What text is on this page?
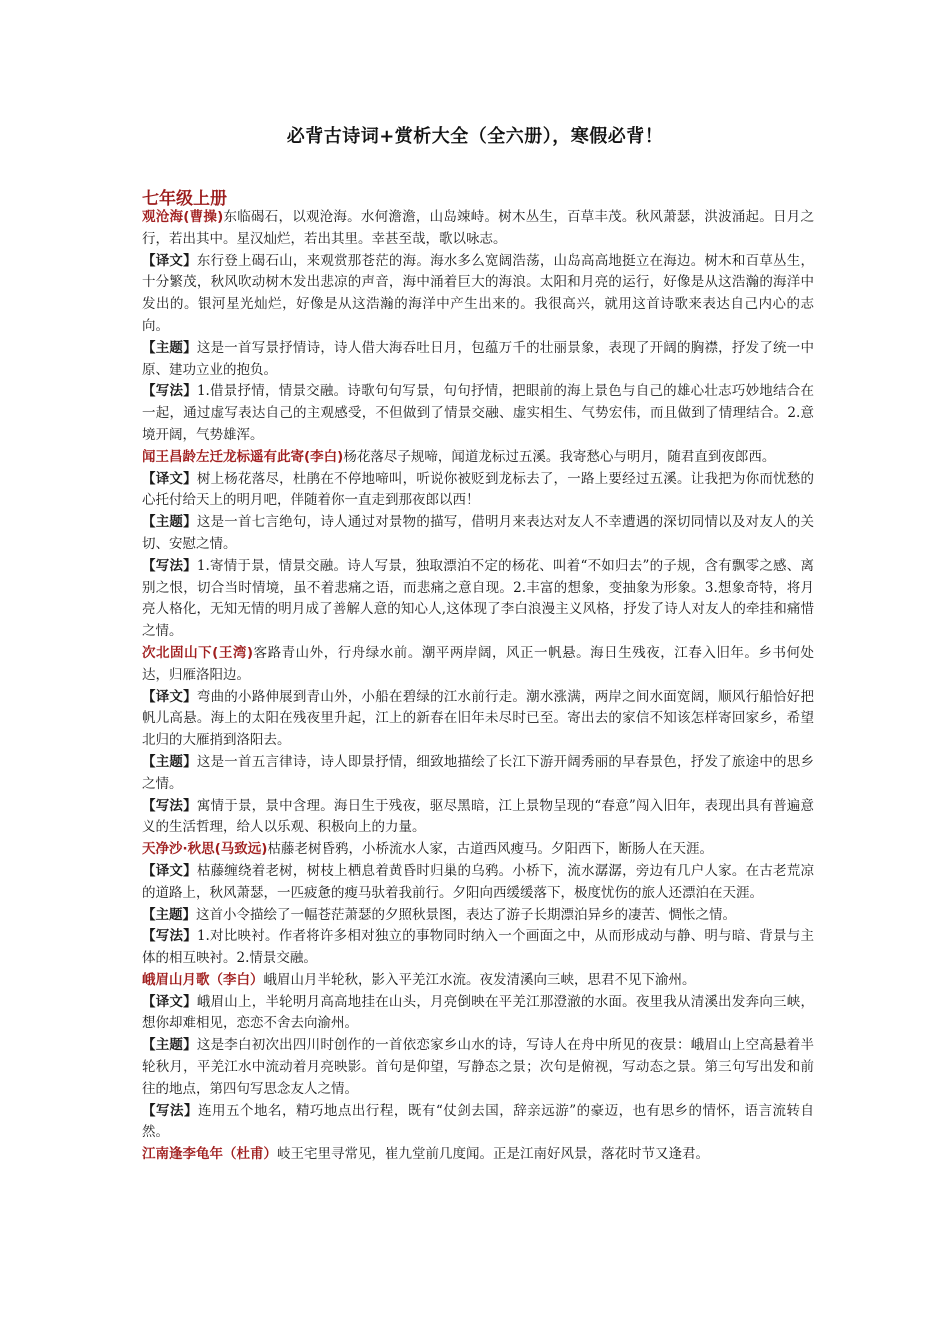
必背古诗词+赏析大全（全六册），寒假必背！
七年级上册

观沧海(曹操)东临碣石，以观沧海。水何澹澹，山岛竦峙。树木丛生，百草丰茂。秋风萧瑟，洪波涌起。日月之行，若出其中。星汉灿烂，若出其里。幸甚至哉，歌以咏志。

【译文】东行登上碣石山，来观赏那苍茫的海。海水多么宽阔浩荡，山岛高高地挺立在海边。树木和百草丛生，十分繁茂，秋风吹动树木发出悲凉的声音，海中涌着巨大的海浪。太阳和月亮的运行，好像是从这浩瀚的海洋中发出的。银河星光灿烂，好像是从这浩瀚的海洋中产生出来的。我很高兴，就用这首诗歌来表达自己内心的志向。

【主题】这是一首写景抒情诗，诗人借大海吞吐日月，包蕴万千的壮丽景象，表现了开阔的胸襟，抒发了统一中原、建功立业的抱负。

【写法】1.借景抒情，情景交融。诗歌句句写景，句句抒情，把眼前的海上景色与自己的雄心壮志巧妙地结合在一起，通过虚写表达自己的主观感受，不但做到了情景交融、虚实相生、气势宏伟，而且做到了情理结合。2.意境开阔，气势雄浑。

闻王昌龄左迁龙标遥有此寄(李白)杨花落尽子规啼，闻道龙标过五溪。我寄愁心与明月，随君直到夜郎西。

【译文】树上杨花落尽，杜鹃在不停地啼叫，听说你被贬到龙标去了，一路上要经过五溪。让我把为你而忧愁的心托付给天上的明月吧，伴随着你一直走到那夜郎以西！

【主题】这是一首七言绝句，诗人通过对景物的描写，借明月来表达对友人不幸遭遇的深切同情以及对友人的关切、安慰之情。

【写法】1.寄情于景，情景交融。诗人写景，独取漂泊不定的杨花、叫着“不如归去”的子规，含有飘零之感、离别之恨，切合当时情境，虽不着悲痛之语，而悲痛之意自现。2.丰富的想象，变抽象为形象。3.想象奇特，将月亮人格化，无知无情的明月成了善解人意的知心人,这体现了李白浪漫主义风格，抒发了诗人对友人的牵挂和痛惜之情。

次北固山下(王湾)客路青山外，行舟绿水前。潮平两岸阔，风正一帆悬。海日生残夜，江春入旧年。乡书何处达，归雁洛阳边。

【译文】弯曲的小路伸展到青山外，小船在碧绿的江水前行走。潮水涨满，两岸之间水面宽阔，顺风行船恰好把帆儿高悬。海上的太阳在残夜里升起，江上的新春在旧年未尽时已至。寄出去的家信不知该怎样寄回家乡，希望北归的大雁捎到洛阳去。

【主题】这是一首五言律诗，诗人即景抒情，细致地描绘了长江下游开阔秀丽的早春景色，抒发了旅途中的思乡之情。

【写法】寓情于景，景中含理。海日生于残夜，驱尽黑暗，江上景物呈现的“春意”闯入旧年，表现出具有普遍意义的生活哲理，给人以乐观、积极向上的力量。

天净沙·秋思(马致远)枯藤老树昏鸦，小桥流水人家，古道西风瘦马。夕阳西下，断肠人在天涯。

【译文】枯藤缠绕着老树，树枝上栖息着黄昏时归巢的乌鸦。小桥下，流水潺潺，旁边有几户人家。在古老荒凉的道路上，秋风萧瑟，一匹疲惫的瘦马驮着我前行。夕阳向西缓缓落下，极度忧伤的旅人还漂泊在天涯。

【主题】这首小令描绘了一幅苍茫萧瑟的夕照秋景图，表达了游子长期漂泊异乡的凄苦、惆怅之情。

【写法】1.对比映衬。作者将许多相对独立的事物同时纳入一个画面之中，从而形成动与静、明与暗、背景与主体的相互映衬。2.情景交融。

峨眉山月歌（李白）峨眉山月半轮秋，影入平羌江水流。夜发清溪向三峡，思君不见下渝州。

【译文】峨眉山上，半轮明月高高地挂在山头，月亮倒映在平羌江那澄澈的水面。夜里我从清溪出发奔向三峡，想你却难相见，恋恋不舍去向渝州。

【主题】这是李白初次出四川时创作的一首依恋家乡山水的诗，写诗人在舟中所见的夜景：峨眉山上空高悬着半轮秋月，平羌江水中流动着月亮映影。首句是仰望，写静态之景；次句是俯视，写动态之景。第三句写出发和前往的地点，第四句写思念友人之情。

【写法】连用五个地名，精巧地点出行程，既有“仗剑去国，辞亲远游”的豪迈，也有思乡的情怀，语言流转自然。

江南逢李龟年（杜甫）岐王宅里寻常见，崔九堂前几度闻。正是江南好风景，落花时节又逢君。
